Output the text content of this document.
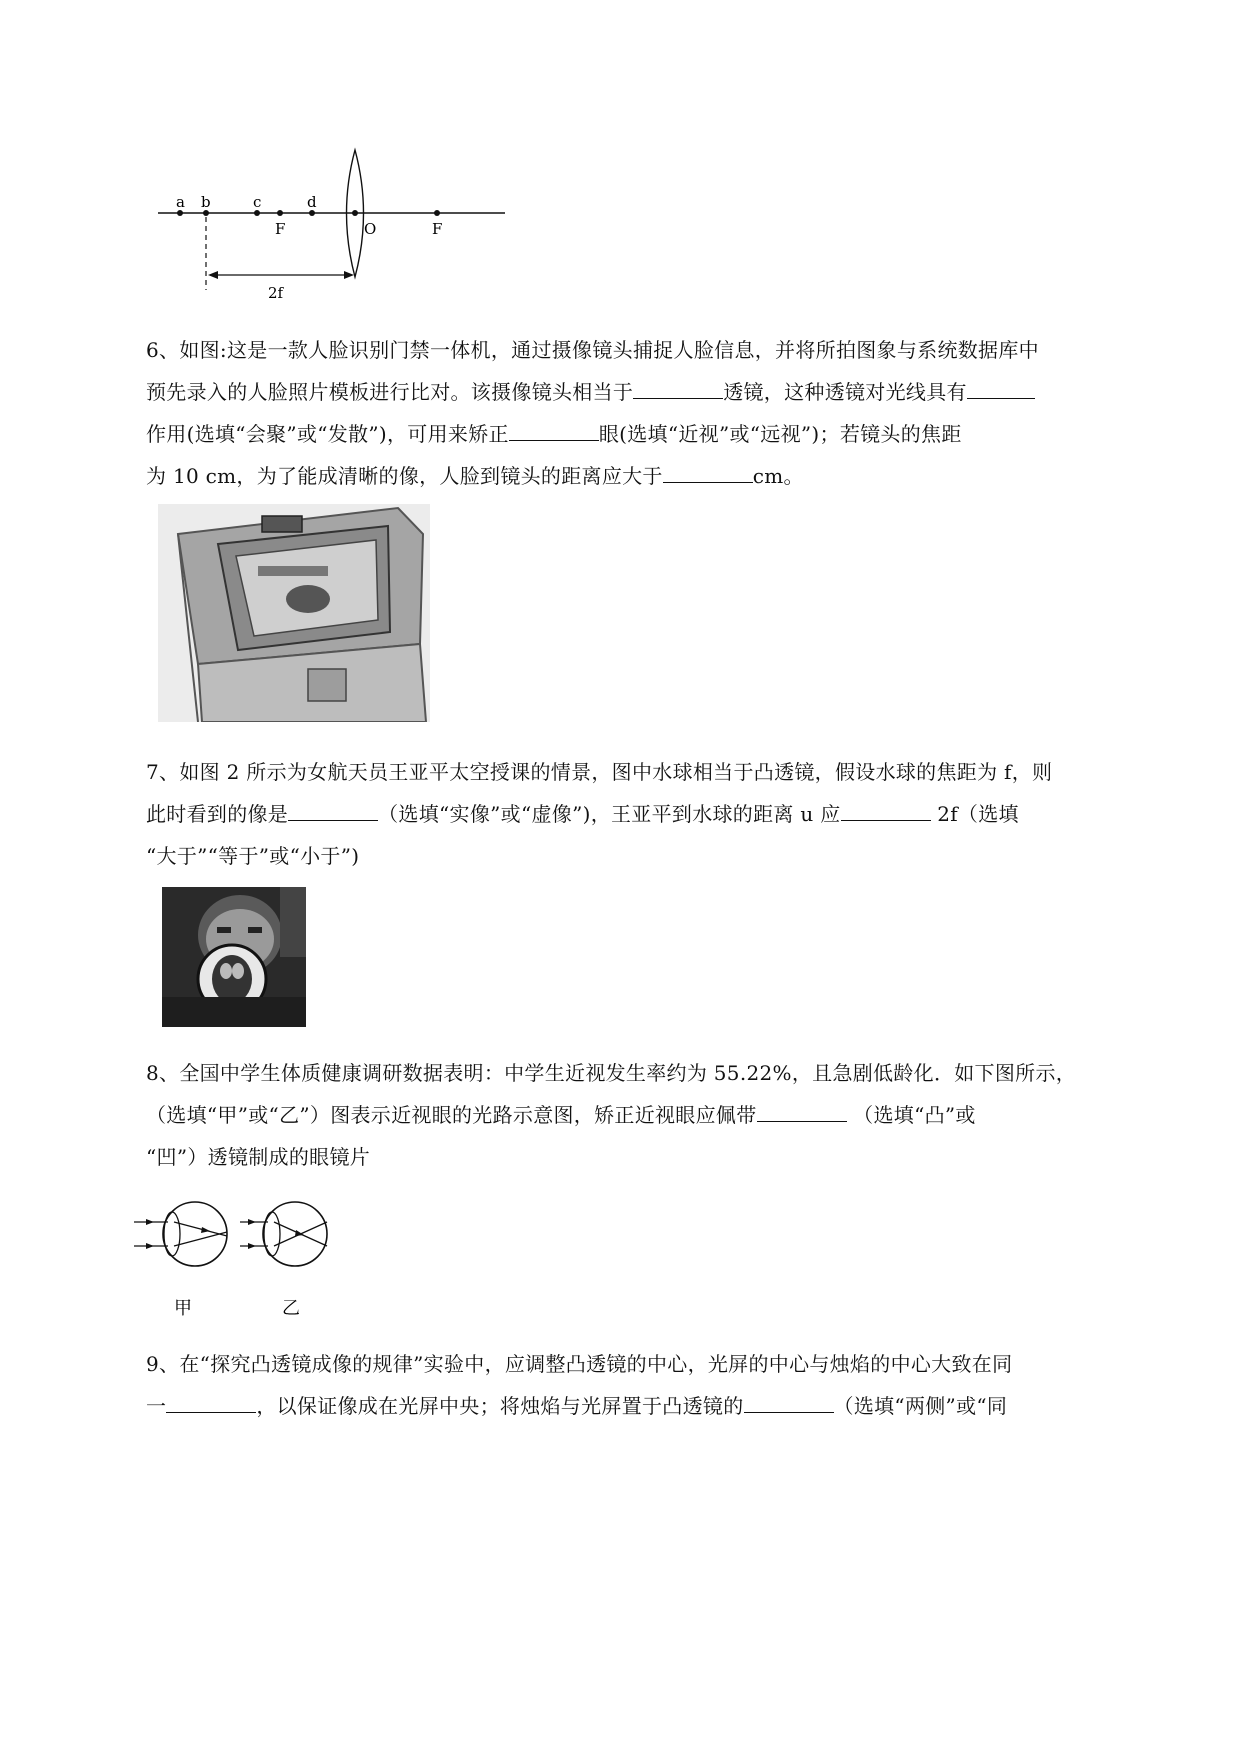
a b	c	d
F	O	F
2f

6、如图:这是一款人脸识别门禁一体机，通过摄像镜头捕捉人脸信息，并将所拍图象与系统数据库中

预先录入的人脸照片模板进行比对。该摄像镜头相当于	透镜，这种透镜对光线具有

作用(选填“会聚”或“发散”)，可用来矫正	眼(选填“近视”或“远视”)；若镜头的焦距

为 10 cm，为了能成清晰的像，人脸到镜头的距离应大于	cm。

7、如图 2 所示为女航天员王亚平太空授课的情景，图中水球相当于凸透镜，假设水球的焦距为 f，则

此时看到的像是	（选填“实像”或“虚像”)，王亚平到水球的距离 u 应	2f（选填

“大于”“等于”或“小于”)

8、全国中学生体质健康调研数据表明：中学生近视发生率约为 55.22%，且急剧低龄化．如下图所示，

（选填“甲”或“乙”）图表示近视眼的光路示意图，矫正近视眼应佩带	（选填“凸”或

“凹”）透镜制成的眼镜片

甲	乙

9、在“探究凸透镜成像的规律”实验中，应调整凸透镜的中心，光屏的中心与烛焰的中心大致在同

一	，以保证像成在光屏中央；将烛焰与光屏置于凸透镜的	（选填“两侧”或“同
